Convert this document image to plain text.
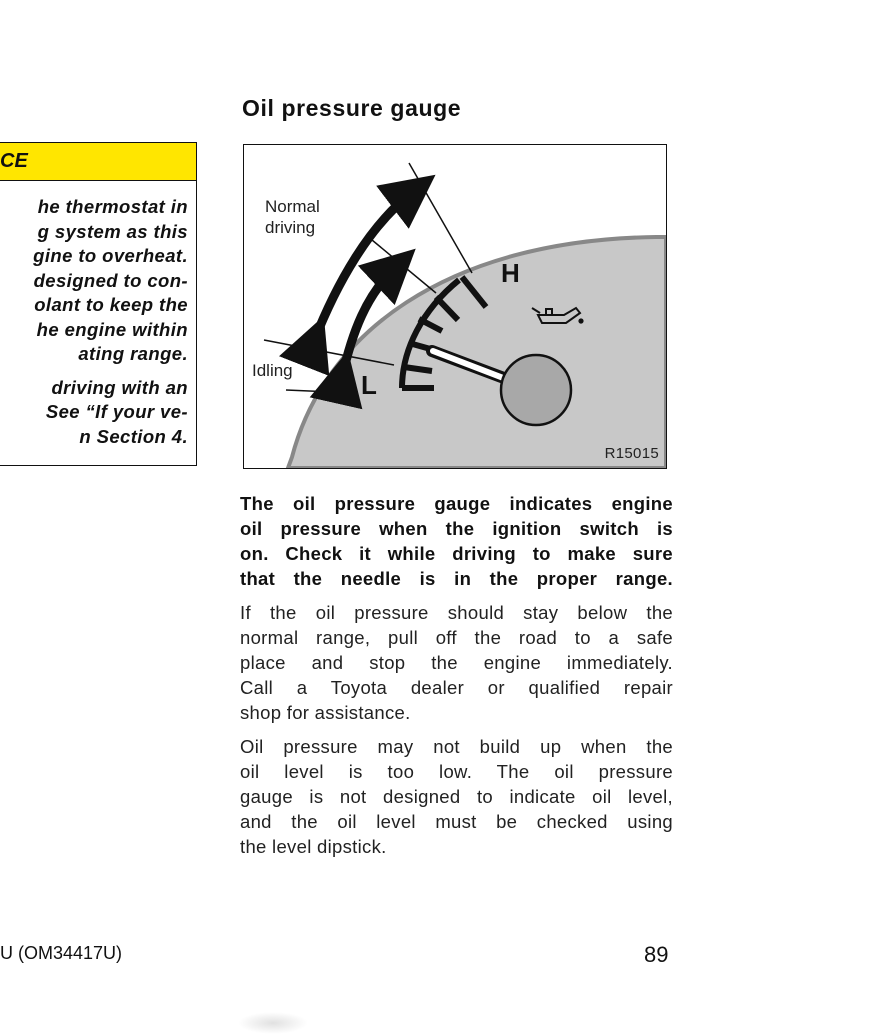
CE
he thermostat in
g system as this
gine to overheat.
designed to con-
olant to keep the
he engine within
ating range.
driving with an
See “If your ve-
n Section 4.
Oil pressure gauge
Normal
driving
Idling
H
L
R15015
The oil pressure gauge indicates engine
oil pressure when the ignition switch is
on. Check it while driving to make sure
that the needle is in the proper range.
If the oil pressure should stay below the
normal range, pull off the road to a safe
place and stop the engine immediately.
Call a Toyota dealer or qualified repair
shop for assistance.
Oil pressure may not build up when the
oil level is too low. The oil pressure
gauge is not designed to indicate oil level,
and the oil level must be checked using
the level dipstick.
U (OM34417U)	89
